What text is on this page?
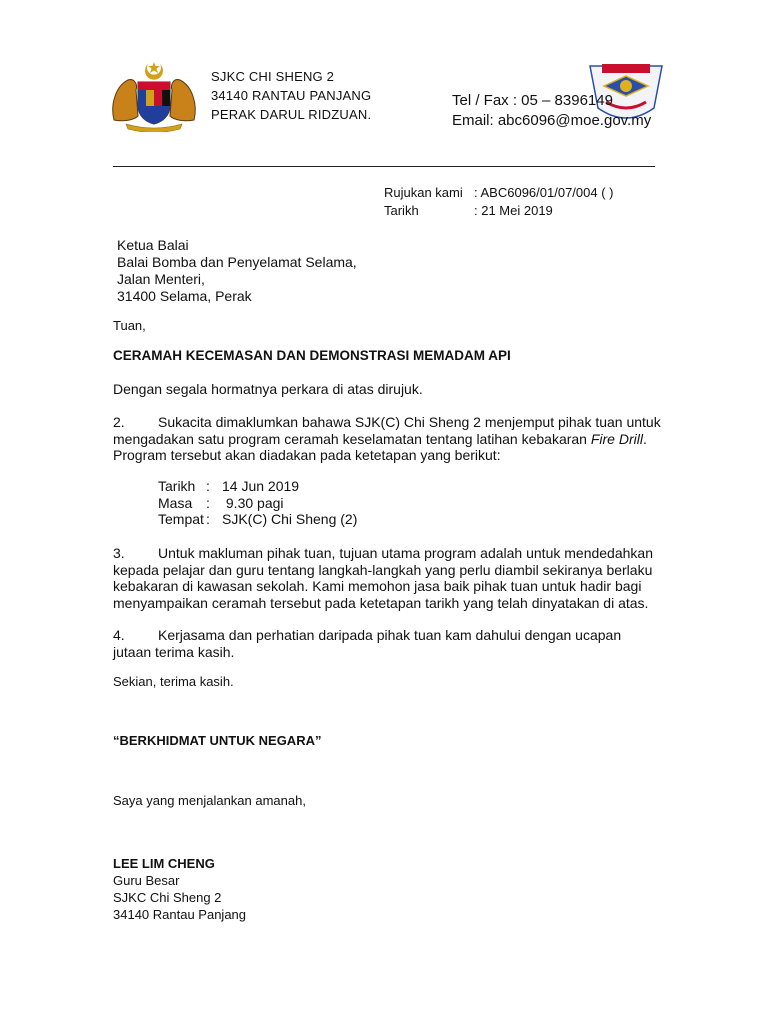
SJKC CHI SHENG 2
34140 RANTAU PANJANG
PERAK DARUL RIDZUAN.
Tel / Fax : 05 – 8396149
Email: abc6096@moe.gov.my
Rujukan kami : ABC6096/01/07/004 ( )
Tarikh	: 21 Mei 2019
Ketua Balai
Balai Bomba dan Penyelamat Selama,
Jalan Menteri,
31400 Selama, Perak
Tuan,
CERAMAH KECEMASAN DAN DEMONSTRASI MEMADAM API
Dengan segala hormatnya perkara di atas dirujuk.
2. Sukacita dimaklumkan bahawa SJK(C) Chi Sheng 2 menjemput pihak tuan untuk
mengadakan satu program ceramah keselamatan tentang latihan kebakaran Fire Drill.
Program tersebut akan diadakan pada ketetapan yang berikut:
Tarikh : 14 Jun 2019
Masa : 9.30 pagi
Tempat : SJK(C) Chi Sheng (2)
3. Untuk makluman pihak tuan, tujuan utama program adalah untuk mendedahkan
kepada pelajar dan guru tentang langkah-langkah yang perlu diambil sekiranya berlaku
kebakaran di kawasan sekolah. Kami memohon jasa baik pihak tuan untuk hadir bagi
menyampaikan ceramah tersebut pada ketetapan tarikh yang telah dinyatakan di atas.
4. Kerjasama dan perhatian daripada pihak tuan kam dahului dengan ucapan
jutaan terima kasih.
Sekian, terima kasih.
“BERKHIDMAT UNTUK NEGARA”
Saya yang menjalankan amanah,
LEE LIM CHENG
Guru Besar
SJKC Chi Sheng 2
34140 Rantau Panjang
